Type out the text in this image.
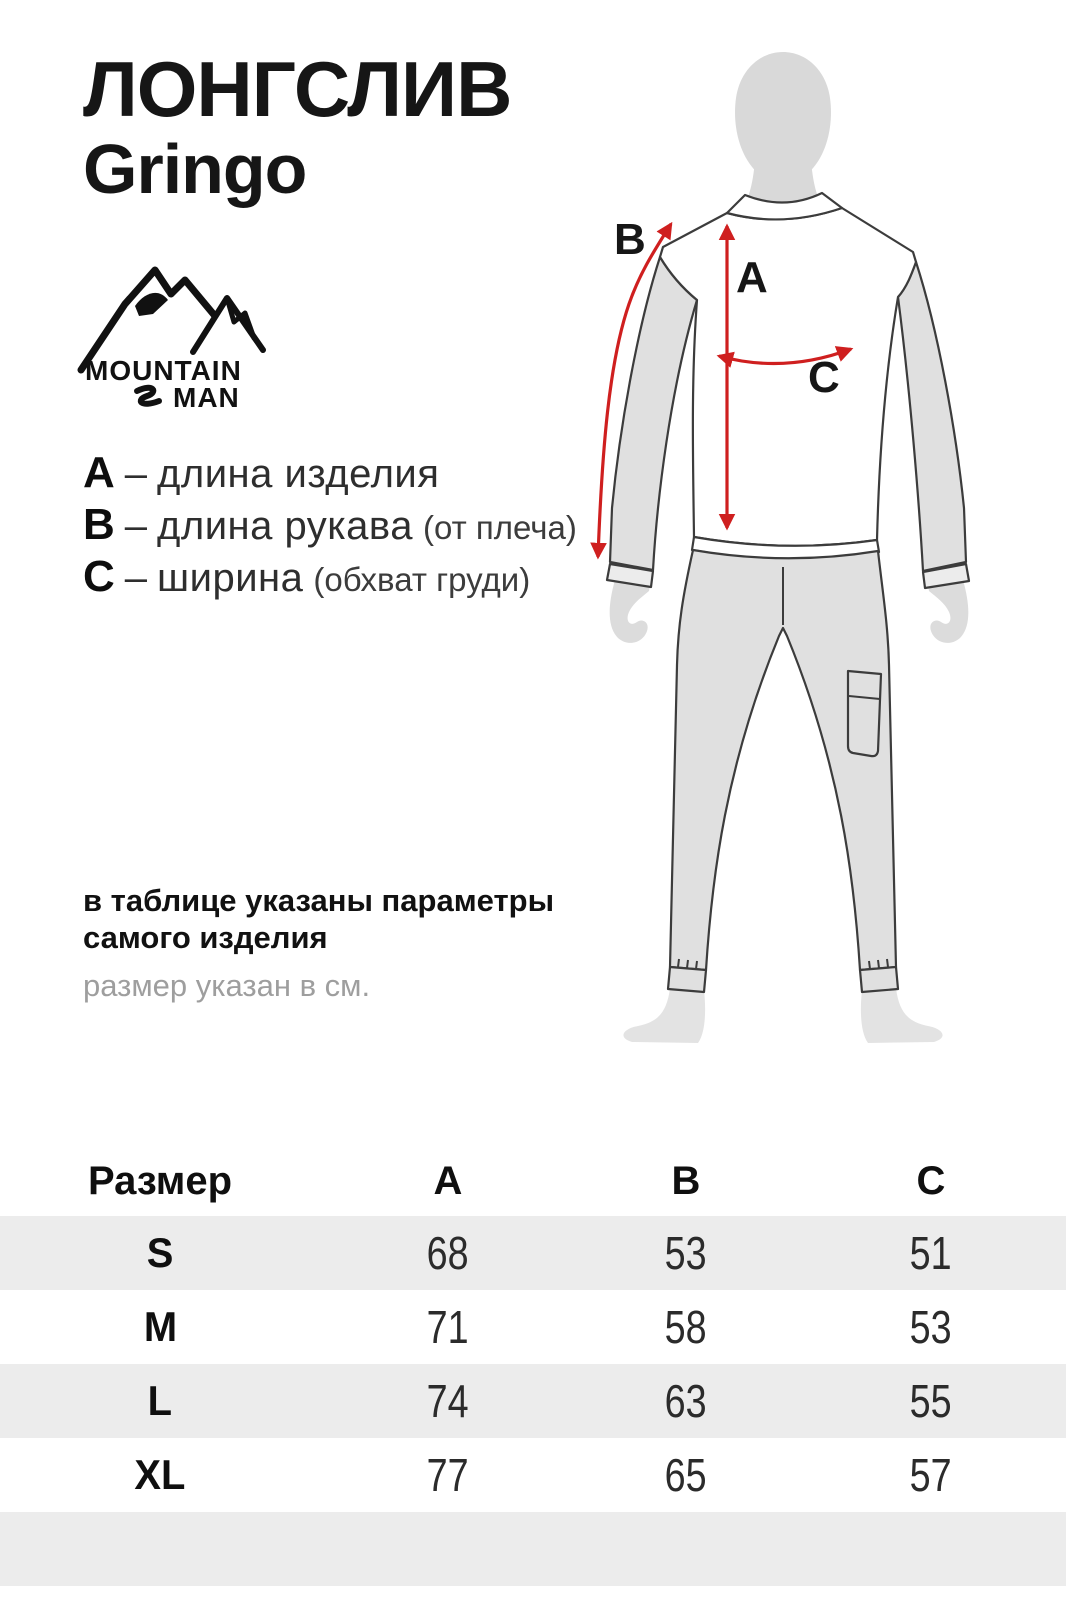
ЛОНГСЛИВ
Gringo
MOUNTAIN
MAN
A – длина изделия
B – длина рукава (от плеча)
C – ширина (обхват груди)
в таблице указаны параметры
самого изделия
размер указан в см.
A
B
C
Размер	A	B	C
S	68	53	51
M	71	58	53
L	74	63	55
XL	77	65	57
